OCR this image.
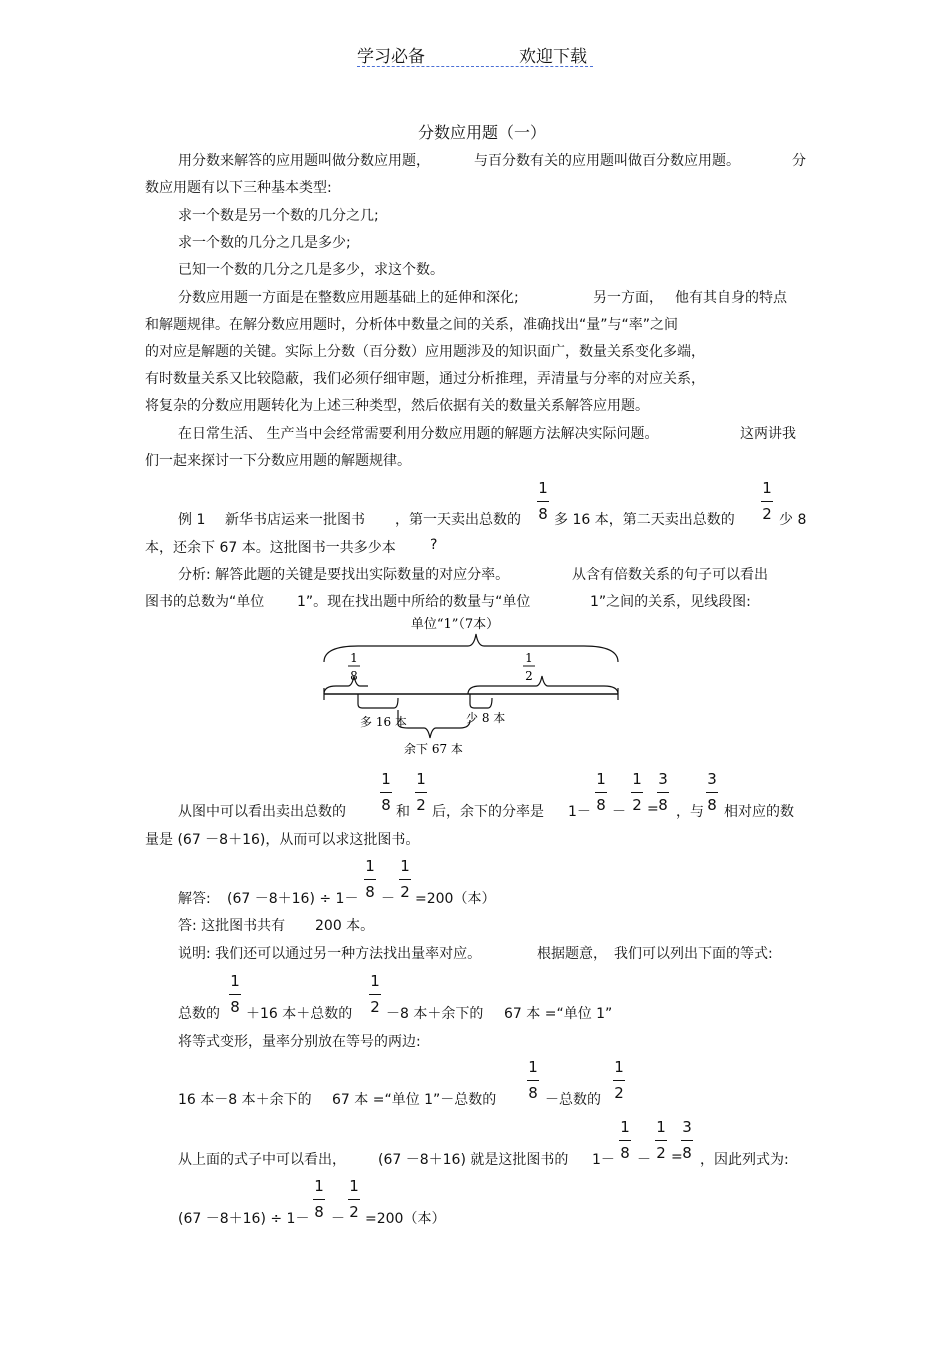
学习必备	欢迎下载
分数应用题（一）
用分数来解答的应用题叫做分数应用题，	与百分数有关的应用题叫做百分数应用题。	分
数应用题有以下三种基本类型:
求一个数是另一个数的几分之几;
求一个数的几分之几是多少;
已知一个数的几分之几是多少，求这个数。
分数应用题一方面是在整数应用题基础上的延伸和深化;	另一方面， 他有其自身的特点
和解题规律。在解分数应用题时，分析体中数量之间的关系，准确找出“量”与“率”之间
的对应是解题的关键。实际上分数（百分数）应用题涉及的知识面广，数量关系变化多端，
有时数量关系又比较隐蔽，我们必须仔细审题，通过分析推理，弄清量与分率的对应关系，
将复杂的分数应用题转化为上述三种类型，然后依据有关的数量关系解答应用题。
在日常生活、 生产当中会经常需要利用分数应用题的解题方法解决实际问题。	这两讲我
们一起来探讨一下分数应用题的解题规律。
例 1 新华书店运来一批图书 ，第一天卖出总数的
1
8 多 16 本，第二天卖出总数的
1
2 少 8
本，还余下 67 本。这批图书一共多少本 ?
分析: 解答此题的关键是要找出实际数量的对应分率。	从含有倍数关系的句子可以看出
图书的总数为“单位 1”。现在找出题中所给的数量与“单位	1”之间的关系，见线段图:
单位“1”（7本）
1
8
1
2
多 16 本	少 8 本
余下 67 本
从图中可以看出卖出总数的
1
8 和
1
2 后，余下的分率是 1－
1
8 －
1
2 =
3
8 ，与
3
8 相对应的数
量是 (67 －8＋16)，从而可以求这批图书。
解答: (67 －8＋16) ÷ 1－
1
8 －
1
2 =200（本）
答: 这批图书共有 200 本。
说明: 我们还可以通过另一种方法找出量率对应。	根据题意， 我们可以列出下面的等式:
总数的
1
8 ＋16 本＋总数的
1
2 －8 本＋余下的 67 本 =“单位 1”
将等式变形，量率分别放在等号的两边:
16 本－8 本＋余下的 67 本 =“单位 1”－总数的
1
8 －总数的
1
2
从上面的式子中可以看出， (67 －8＋16) 就是这批图书的 1－
1
8 －
1
2 =
3
8 ，因此列式为:
(67 －8＋16) ÷ 1－
1
8 －
1
2 =200（本）
